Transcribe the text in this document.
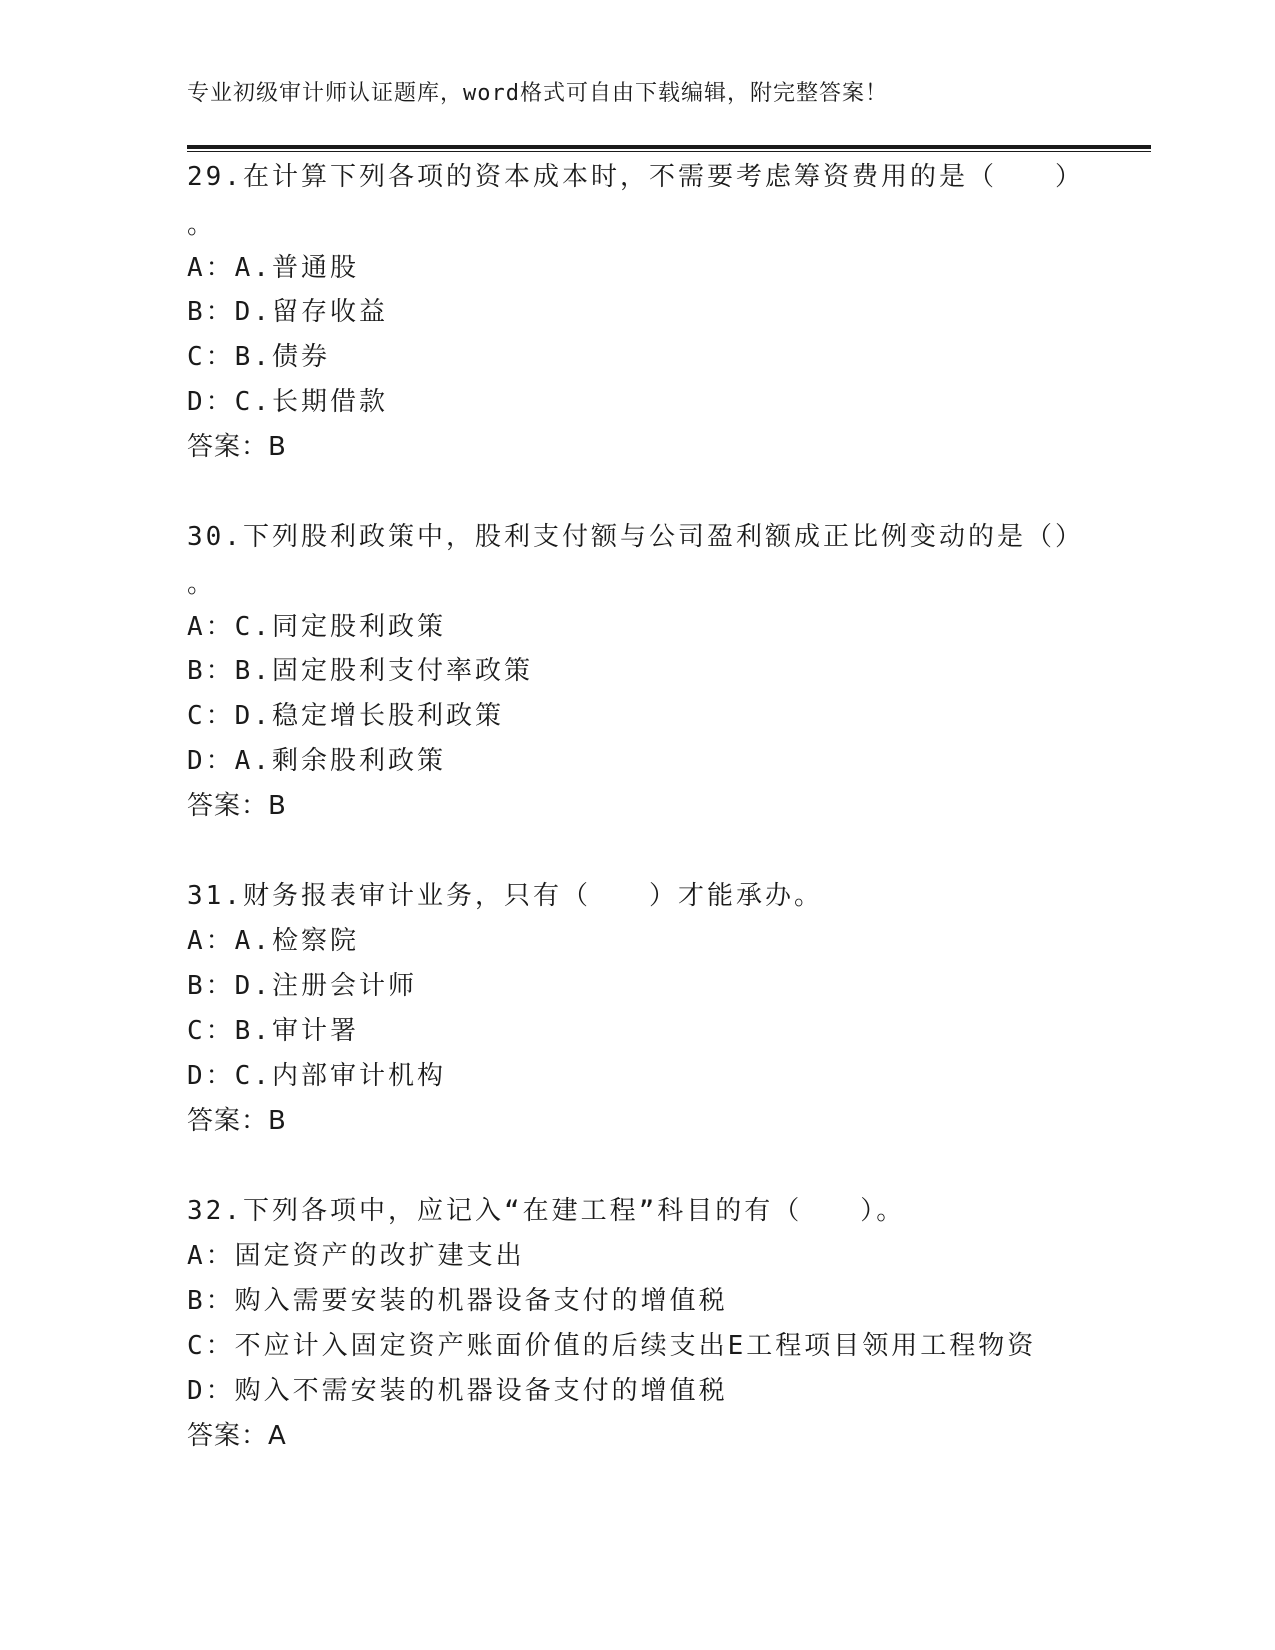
专业初级审计师认证题库，word格式可自由下载编辑，附完整答案！
29.在计算下列各项的资本成本时，不需要考虑筹资费用的是（　　）
。
A：A.普通股
B：D.留存收益
C：B.债券
D：C.长期借款
答案：B
30.下列股利政策中，股利支付额与公司盈利额成正比例变动的是（）
。
A：C.同定股利政策
B：B.固定股利支付率政策
C：D.稳定增长股利政策
D：A.剩余股利政策
答案：B
31.财务报表审计业务，只有（　　）才能承办。
A：A.检察院
B：D.注册会计师
C：B.审计署
D：C.内部审计机构
答案：B
32.下列各项中，应记入“在建工程”科目的有（　　）。
A：固定资产的改扩建支出
B：购入需要安装的机器设备支付的增值税
C：不应计入固定资产账面价值的后续支出E工程项目领用工程物资
D：购入不需安装的机器设备支付的增值税
答案：A
